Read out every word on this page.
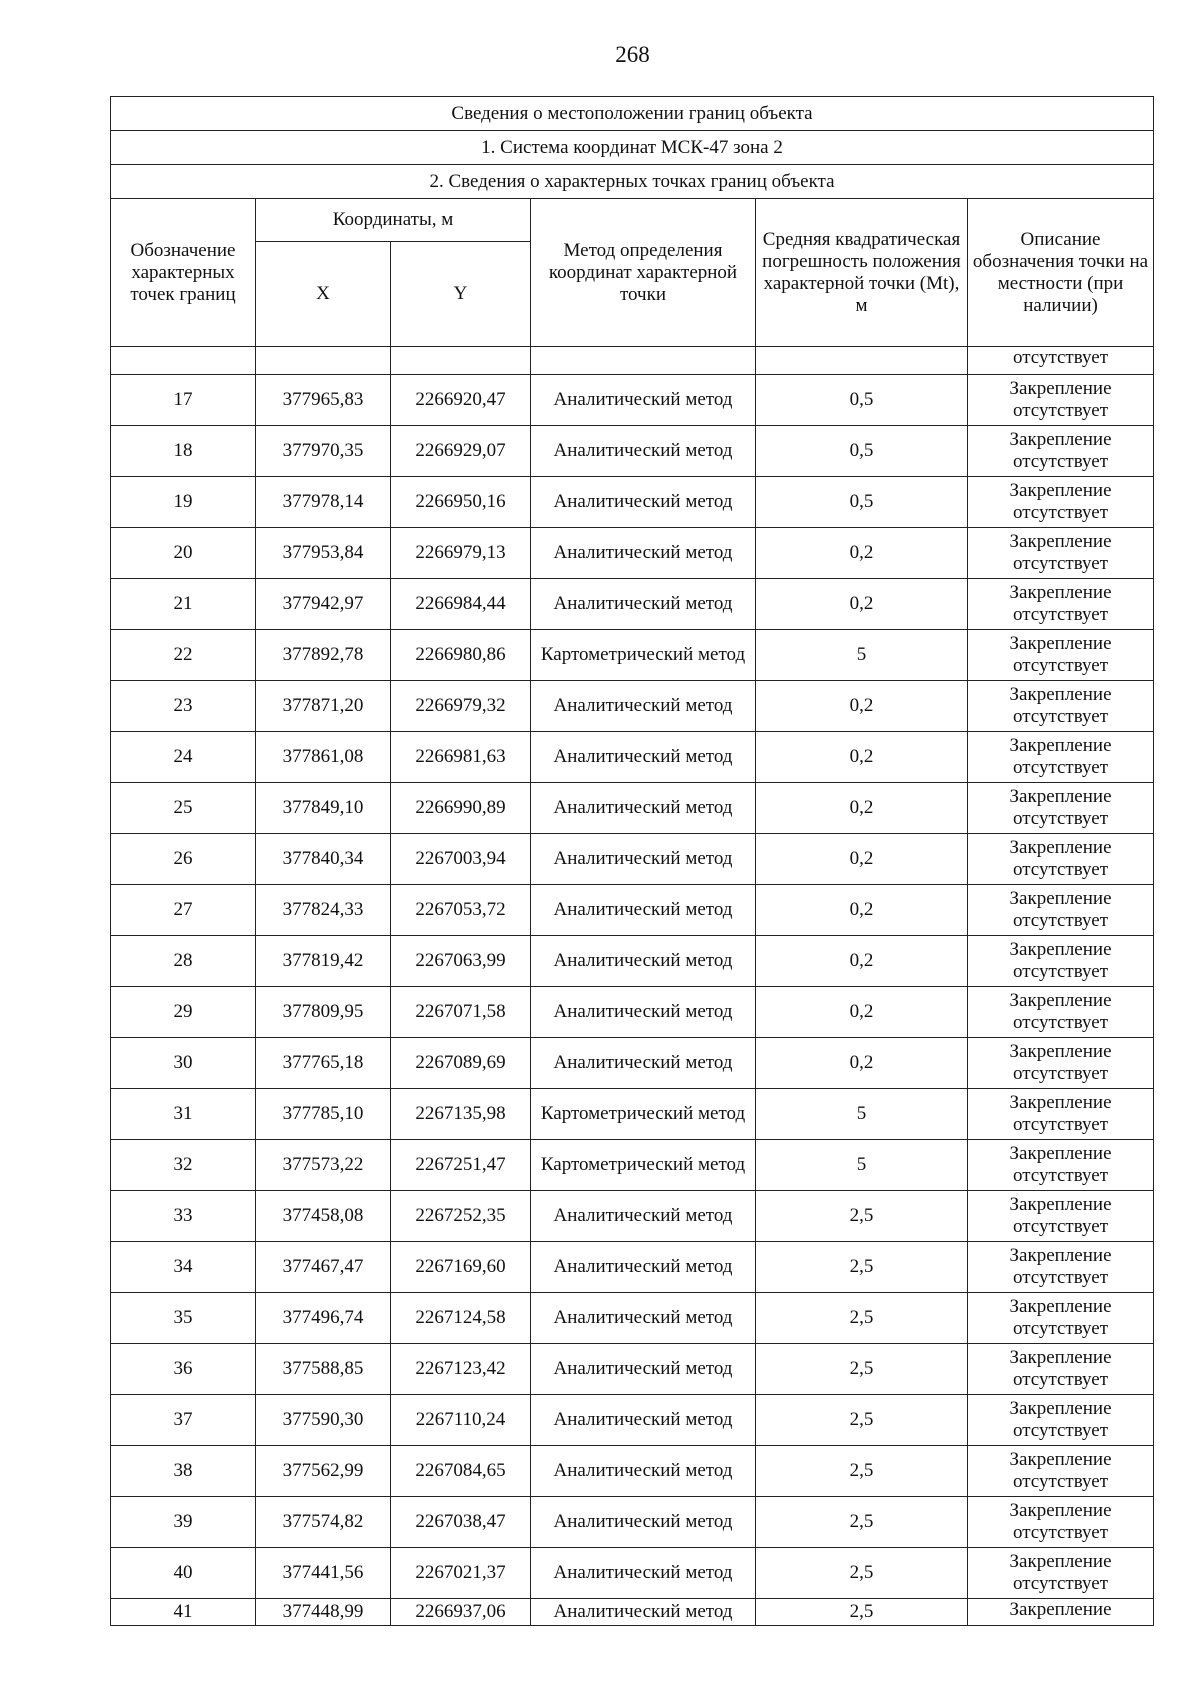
268
Сведения о местоположении границ объекта					
1. Система координат МСК-47 зона 2					
2. Сведения о характерных точках границ объекта					

Обозначение характерных точек границ	Координаты, м		Метод определения координат характерной точки	Средняя квадратическая погрешность положения характерной точки (Mt), м	Описание обозначения точки на местности (при наличии)

	X	Y			
					отсутствует
17	377965,83	2266920,47	Аналитический метод	0,5	Закрепление отсутствует
18	377970,35	2266929,07	Аналитический метод	0,5	Закрепление отсутствует
19	377978,14	2266950,16	Аналитический метод	0,5	Закрепление отсутствует
20	377953,84	2266979,13	Аналитический метод	0,2	Закрепление отсутствует
21	377942,97	2266984,44	Аналитический метод	0,2	Закрепление отсутствует
22	377892,78	2266980,86	Картометрический метод	5	Закрепление отсутствует
23	377871,20	2266979,32	Аналитический метод	0,2	Закрепление отсутствует
24	377861,08	2266981,63	Аналитический метод	0,2	Закрепление отсутствует
25	377849,10	2266990,89	Аналитический метод	0,2	Закрепление отсутствует
26	377840,34	2267003,94	Аналитический метод	0,2	Закрепление отсутствует
27	377824,33	2267053,72	Аналитический метод	0,2	Закрепление отсутствует
28	377819,42	2267063,99	Аналитический метод	0,2	Закрепление отсутствует
29	377809,95	2267071,58	Аналитический метод	0,2	Закрепление отсутствует
30	377765,18	2267089,69	Аналитический метод	0,2	Закрепление отсутствует
31	377785,10	2267135,98	Картометрический метод	5	Закрепление отсутствует
32	377573,22	2267251,47	Картометрический метод	5	Закрепление отсутствует
33	377458,08	2267252,35	Аналитический метод	2,5	Закрепление отсутствует
34	377467,47	2267169,60	Аналитический метод	2,5	Закрепление отсутствует
35	377496,74	2267124,58	Аналитический метод	2,5	Закрепление отсутствует
36	377588,85	2267123,42	Аналитический метод	2,5	Закрепление отсутствует
37	377590,30	2267110,24	Аналитический метод	2,5	Закрепление отсутствует
38	377562,99	2267084,65	Аналитический метод	2,5	Закрепление отсутствует
39	377574,82	2267038,47	Аналитический метод	2,5	Закрепление отсутствует
40	377441,56	2267021,37	Аналитический метод	2,5	Закрепление отсутствует
41	377448,99	2266937,06	Аналитический метод	2,5	Закрепление
